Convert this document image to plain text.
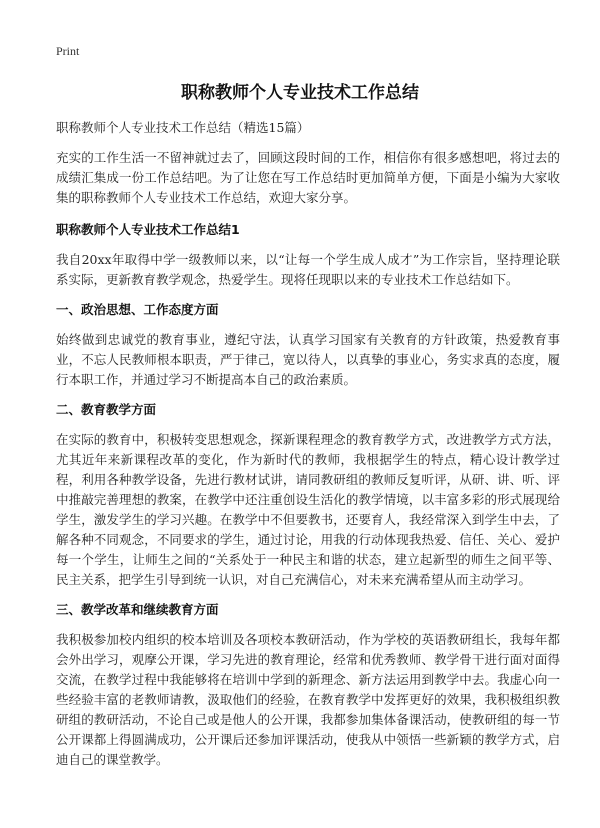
Print
职称教师个人专业技术工作总结
职称教师个人专业技术工作总结（精选15篇）

充实的工作生活一不留神就过去了，回顾这段时间的工作，相信你有很多感想吧，将过去的成绩汇集成一份工作总结吧。为了让您在写工作总结时更加简单方便，下面是小编为大家收集的职称教师个人专业技术工作总结，欢迎大家分享。

职称教师个人专业技术工作总结1

我自20xx年取得中学一级教师以来，以“让每一个学生成人成才”为工作宗旨，坚持理论联系实际，更新教育教学观念，热爱学生。现将任现职以来的专业技术工作总结如下。

一、政治思想、工作态度方面

始终做到忠诚党的教育事业，遵纪守法，认真学习国家有关教育的方针政策，热爱教育事业，不忘人民教师根本职责，严于律己，宽以待人，以真挚的事业心，务实求真的态度，履行本职工作，并通过学习不断提高本自己的政治素质。

二、教育教学方面

在实际的教育中，积极转变思想观念，探新课程理念的教育教学方式，改进教学方式方法，尤其近年来新课程改革的变化，作为新时代的教师，我根据学生的特点，精心设计教学过程，利用各种教学设备，先进行教材试讲，请同教研组的教师反复听评，从研、讲、听、评中推敲完善理想的教案，在教学中还注重创设生活化的教学情境，以丰富多彩的形式展现给学生，激发学生的学习兴趣。在教学中不但要教书，还要育人，我经常深入到学生中去，了解各种不同观念，不同要求的学生，通过讨论，用我的行动体现我热爱、信任、关心、爱护每一个学生，让师生之间的“关系处于一种民主和谐的状态，建立起新型的师生之间平等、民主关系，把学生引导到统一认识，对自己充满信心，对未来充满希望从而主动学习。

三、教学改革和继续教育方面

我积极参加校内组织的校本培训及各项校本教研活动，作为学校的英语教研组长，我每年都会外出学习，观摩公开课，学习先进的教育理论，经常和优秀教师、教学骨干进行面对面得交流，在教学过程中我能够将在培训中学到的新理念、新方法运用到教学中去。我虚心向一些经验丰富的老教师请教，汲取他们的经验，在教育教学中发挥更好的效果，我积极组织教研组的教研活动，不论自己或是他人的公开课，我都参加集体备课活动，使教研组的每一节公开课都上得圆满成功，公开课后还参加评课活动，使我从中领悟一些新颖的教学方式，启迪自己的课堂教学。
